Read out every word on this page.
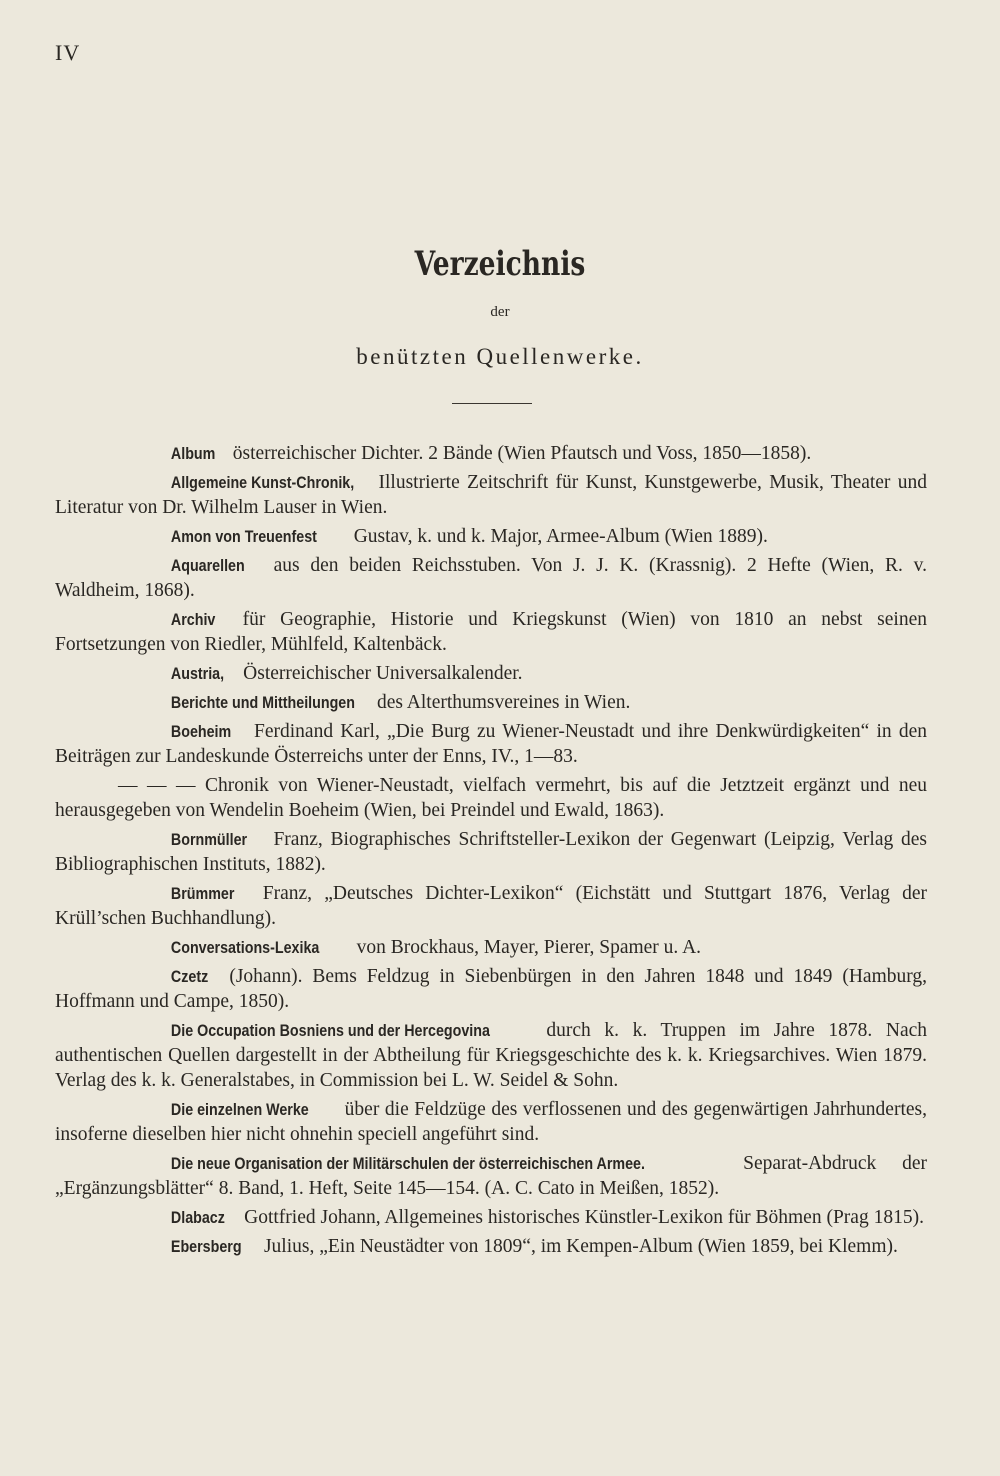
IV
Verzeichnis
der
benützten Quellenwerke.

Album österreichischer Dichter. 2 Bände (Wien Pfautsch und Voss, 1850—1858).

Allgemeine Kunst-Chronik, Illustrierte Zeitschrift für Kunst, Kunstgewerbe, Musik, Theater und Literatur von Dr. Wilhelm Lauser in Wien.

Amon von Treuenfest Gustav, k. und k. Major, Armee-Album (Wien 1889).

Aquarellen aus den beiden Reichsstuben. Von J. J. K. (Krassnig). 2 Hefte (Wien, R. v. Waldheim, 1868).

Archiv für Geographie, Historie und Kriegskunst (Wien) von 1810 an nebst seinen Fortsetzungen von Riedler, Mühlfeld, Kaltenbäck.

Austria, Österreichischer Universalkalender.

Berichte und Mittheilungen des Alterthumsvereines in Wien.

Boeheim Ferdinand Karl, „Die Burg zu Wiener-Neustadt und ihre Denkwürdigkeiten“ in den Beiträgen zur Landeskunde Österreichs unter der Enns, IV., 1—83.

— — — Chronik von Wiener-Neustadt, vielfach vermehrt, bis auf die Jetztzeit ergänzt und neu herausgegeben von Wendelin Boeheim (Wien, bei Preindel und Ewald, 1863).

Bornmüller Franz, Biographisches Schriftsteller-Lexikon der Gegenwart (Leipzig, Verlag des Bibliographischen Instituts, 1882).

Brümmer Franz, „Deutsches Dichter-Lexikon“ (Eichstätt und Stuttgart 1876, Verlag der Krüll’schen Buchhandlung).

Conversations-Lexika von Brockhaus, Mayer, Pierer, Spamer u. A.

Czetz (Johann). Bems Feldzug in Siebenbürgen in den Jahren 1848 und 1849 (Hamburg, Hoffmann und Campe, 1850).

Die Occupation Bosniens und der Hercegovina	durch k. k. Truppen im Jahre 1878. Nach authentischen Quellen dargestellt in der Abtheilung für Kriegsgeschichte des k. k. Kriegsarchives. Wien 1879. Verlag des k. k. Generalstabes, in Commission bei L. W. Seidel & Sohn.

Die einzelnen Werke über die Feldzüge des verflossenen und des gegenwärtigen Jahrhundertes, insoferne dieselben hier nicht ohnehin speciell angeführt sind.

Die neue Organisation der Militärschulen der österreichischen Armee.	Separat-Abdruck der „Ergänzungsblätter“ 8. Band, 1. Heft, Seite 145—154. (A. C. Cato in Meißen, 1852).

Dlabacz Gottfried Johann, Allgemeines historisches Künstler-Lexikon für Böhmen (Prag 1815).

Ebersberg Julius, „Ein Neustädter von 1809“, im Kempen-Album (Wien 1859, bei Klemm).
